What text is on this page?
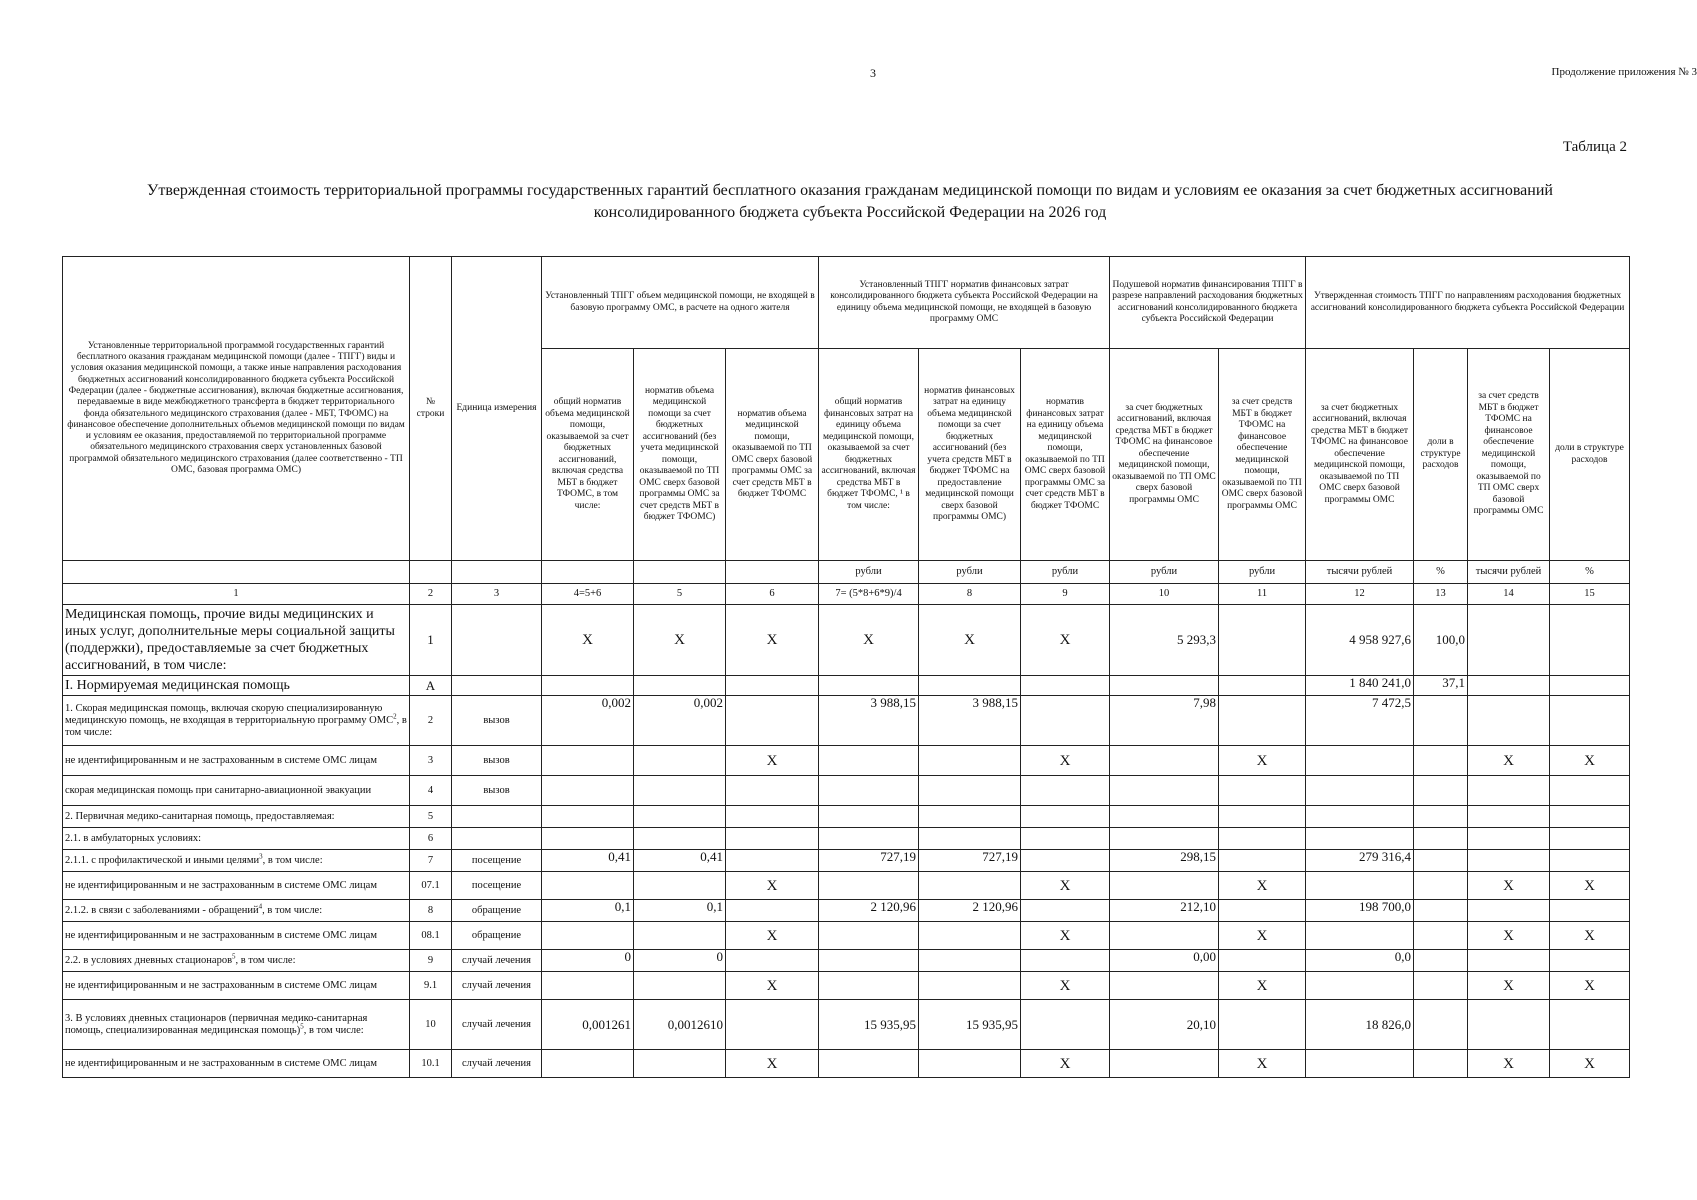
3	Продолжение приложения № 3
Таблица 2
Утвержденная стоимость территориальной программы государственных гарантий бесплатного оказания гражданам медицинской помощи по видам и условиям ее оказания за счет бюджетных ассигнований
консолидированного бюджета субъекта Российской Федерации на 2026 год
Установленные территориальной программой государственных гарантий бесплатного оказания гражданам медицинской помощи (далее - ТПГГ) виды и условия оказания медицинской помощи, а также иные направления расходования бюджетных ассигнований консолидированного бюджета субъекта Российской Федерации (далее - бюджетные ассигнования), включая бюджетные ассигнования, передаваемые в виде межбюджетного трансферта в бюджет территориального фонда обязательного медицинского страхования (далее - МБТ, ТФОМС) на финансовое обеспечение дополнительных объемов медицинской помощи по видам и условиям ее оказания, предоставляемой по территориальной программе обязательного медицинского страхования сверх установленных базовой программой обязательного медицинского страхования (далее соответственно - ТП ОМС, базовая программа ОМС)	№ строки	Единица измерения	Установленный ТПГГ объем медицинской помощи, не входящей в базовую программу ОМС, в расчете на одного жителя			Установленный ТПГГ норматив финансовых затрат консолидированного бюджета субъекта Российской Федерации на единицу объема медицинской помощи, не входящей в базовую программу ОМС			Подушевой норматив финансирования ТПГГ в разрезе направлений расходования бюджетных ассигнований консолидированного бюджета субъекта Российской Федерации		Утвержденная стоимость ТПГГ по направлениям расходования бюджетных ассигнований консолидированного бюджета субъекта Российской Федерации			
			общий норматив объема медицинской помощи, оказываемой за счет бюджетных ассигнований, включая средства МБТ в бюджет ТФОМС, в том числе:	норматив объема медицинской помощи за счет бюджетных ассигнований (без учета медицинской помощи, оказываемой по ТП ОМС сверх базовой программы ОМС за счет средств МБТ в бюджет ТФОМС)	норматив объема медицинской помощи, оказываемой по ТП ОМС сверх базовой программы ОМС за счет средств МБТ в бюджет ТФОМС	общий норматив финансовых затрат на единицу объема медицинской помощи, оказываемой за счет бюджетных ассигнований, включая средства МБТ в бюджет ТФОМС, ¹ в том числе:	норматив финансовых затрат на единицу объема медицинской помощи за счет бюджетных ассигнований (без учета средств МБТ в бюджет ТФОМС на предоставление медицинской помощи сверх базовой программы ОМС)	норматив финансовых затрат на единицу объема медицинской помощи, оказываемой по ТП ОМС сверх базовой программы ОМС за счет средств МБТ в бюджет ТФОМС	за счет бюджетных ассигнований, включая средства МБТ в бюджет ТФОМС на финансовое обеспечение медицинской помощи, оказываемой по ТП ОМС сверх базовой программы ОМС	за счет средств МБТ в бюджет ТФОМС на финансовое обеспечение медицинской помощи, оказываемой по ТП ОМС сверх базовой программы ОМС	за счет бюджетных ассигнований, включая средства МБТ в бюджет ТФОМС на финансовое обеспечение медицинской помощи, оказываемой по ТП ОМС сверх базовой программы ОМС	доли в структуре расходов	за счет средств МБТ в бюджет ТФОМС на финансовое обеспечение медицинской помощи, оказываемой по ТП ОМС сверх базовой программы ОМС	доли в структуре расходов
						рубли	рубли	рубли	рубли	рубли	тысячи рублей	%	тысячи рублей	%
1	2	3	4=5+6	5	6	7= (5*8+6*9)/4	8	9	10	11	12	13	14	15
Медицинская помощь, прочие виды медицинских и иных услуг, дополнительные меры социальной защиты (поддержки), предоставляемые за счет бюджетных ассигнований, в том числе:	1		Х	Х	Х	Х	Х	Х	5 293,3		4 958 927,6	100,0		
I. Нормируемая медицинская помощь	А										1 840 241,0	37,1		
1. Скорая медицинская помощь, включая скорую специализированную медицинскую помощь, не входящая в территориальную программу ОМС$^2$, в том числе:	2	вызов	0,002	0,002		3 988,15	3 988,15		7,98		7 472,5			
не идентифицированным и не застрахованным в системе ОМС лицам	3	вызов			Х			Х		Х			Х	Х
скорая медицинская помощь при санитарно-авиационной эвакуации	4	вызов												
2. Первичная медико-санитарная помощь, предоставляемая:	5													
2.1. в амбулаторных условиях:	6													
2.1.1. с профилактической и иными целями$^3$, в том числе:	7	посещение	0,41	0,41		727,19	727,19		298,15		279 316,4			
не идентифицированным и не застрахованным в системе ОМС лицам	07.1	посещение			Х			Х		Х			Х	Х
2.1.2. в связи с заболеваниями - обращений$^4$, в том числе:	8	обращение	0,1	0,1		2 120,96	2 120,96		212,10		198 700,0			
не идентифицированным и не застрахованным в системе ОМС лицам	08.1	обращение			Х			Х		Х			Х	Х
2.2. в условиях дневных стационаров$^5$, в том числе:	9	случай лечения	0	0					0,00		0,0			
не идентифицированным и не застрахованным в системе ОМС лицам	9.1	случай лечения			Х			Х		Х			Х	Х
3. В условиях дневных стационаров (первичная медико-санитарная помощь, специализированная медицинская помощь)$^5$, в том числе:	10	случай лечения	0,001261	0,0012610		15 935,95	15 935,95		20,10		18 826,0			
не идентифицированным и не застрахованным в системе ОМС лицам	10.1	случай лечения			Х			Х		Х			Х	Х
